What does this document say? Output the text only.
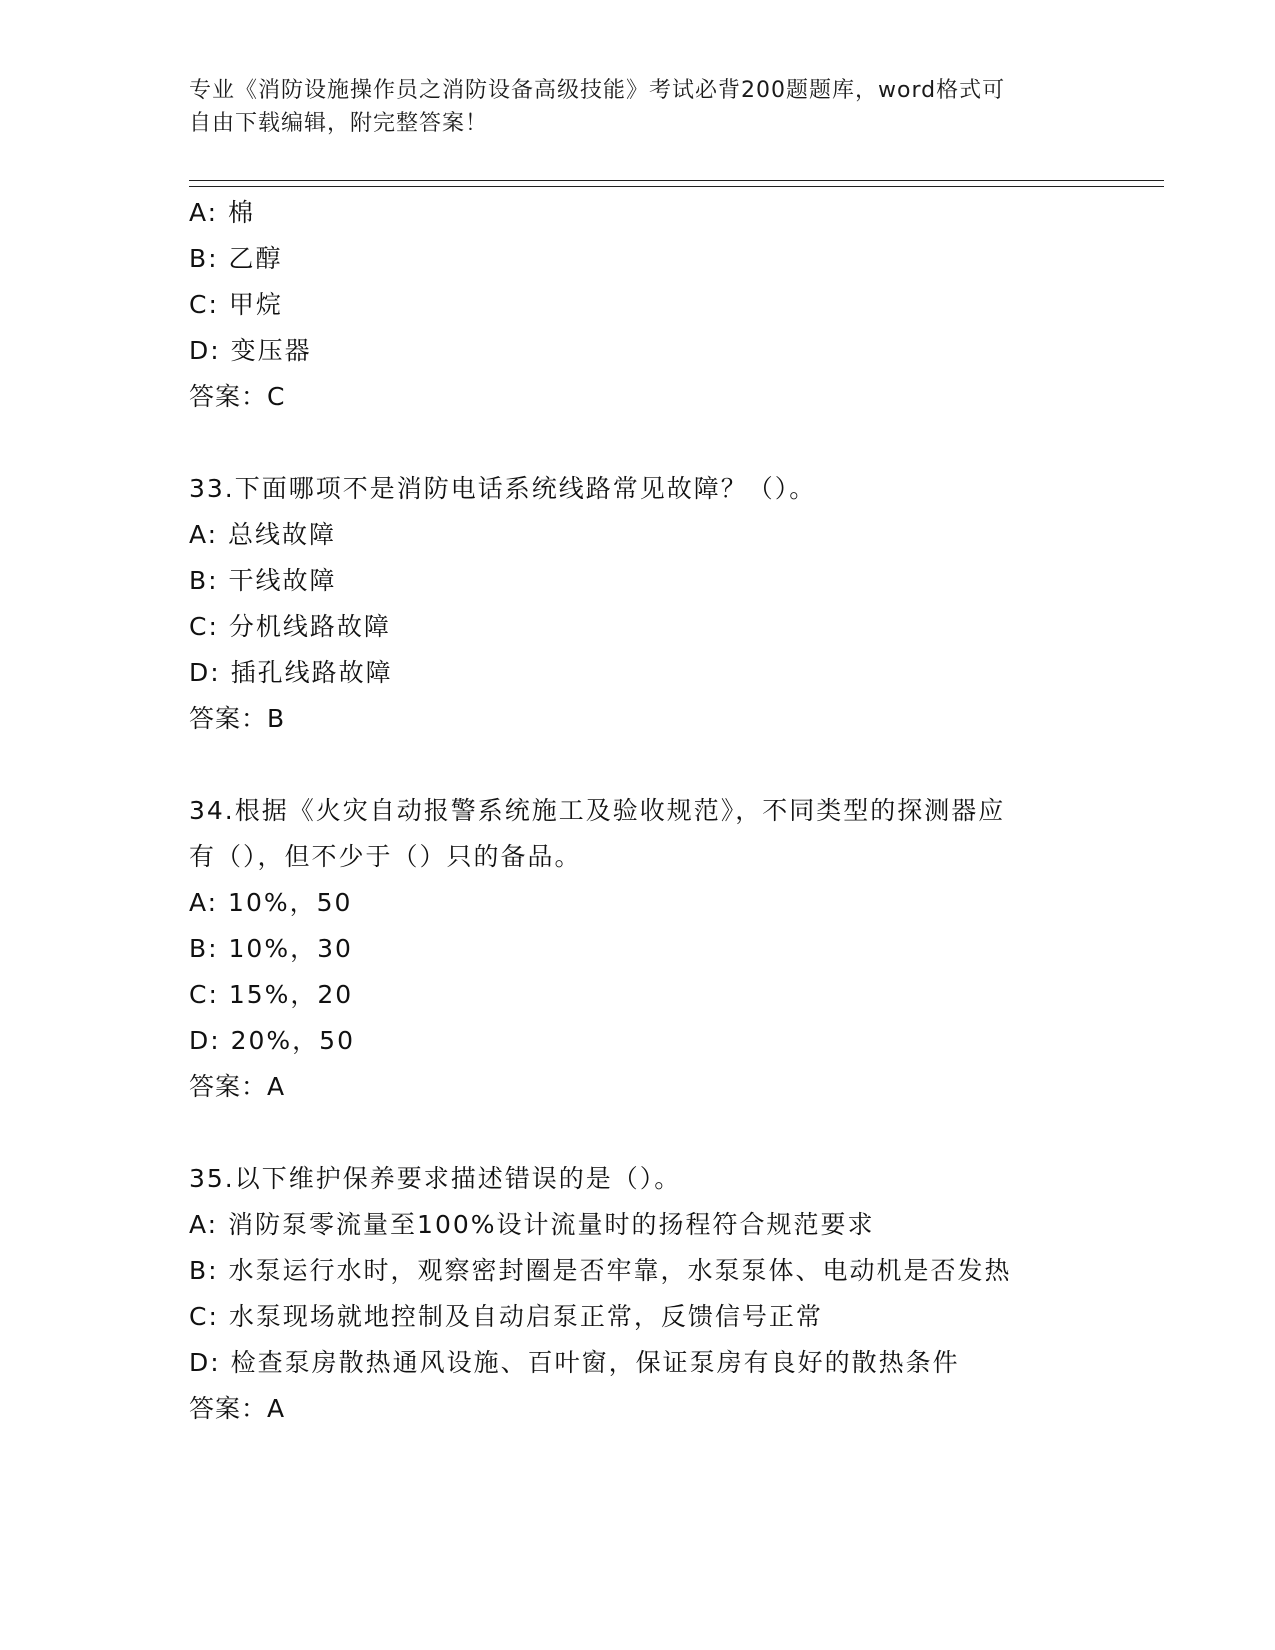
专业《消防设施操作员之消防设备高级技能》考试必背200题题库，word格式可
自由下载编辑，附完整答案！
A: 棉
B: 乙醇
C: 甲烷
D: 变压器
答案：C
33.下面哪项不是消防电话系统线路常见故障？（）。
A: 总线故障
B: 干线故障
C: 分机线路故障
D: 插孔线路故障
答案：B
34.根据《火灾自动报警系统施工及验收规范》，不同类型的探测器应
有（），但不少于（）只的备品。
A: 10%，50
B: 10%，30
C: 15%，20
D: 20%，50
答案：A
35.以下维护保养要求描述错误的是（）。
A: 消防泵零流量至100%设计流量时的扬程符合规范要求
B: 水泵运行水时，观察密封圈是否牢靠，水泵泵体、电动机是否发热
C: 水泵现场就地控制及自动启泵正常，反馈信号正常
D: 检查泵房散热通风设施、百叶窗，保证泵房有良好的散热条件
答案：A
